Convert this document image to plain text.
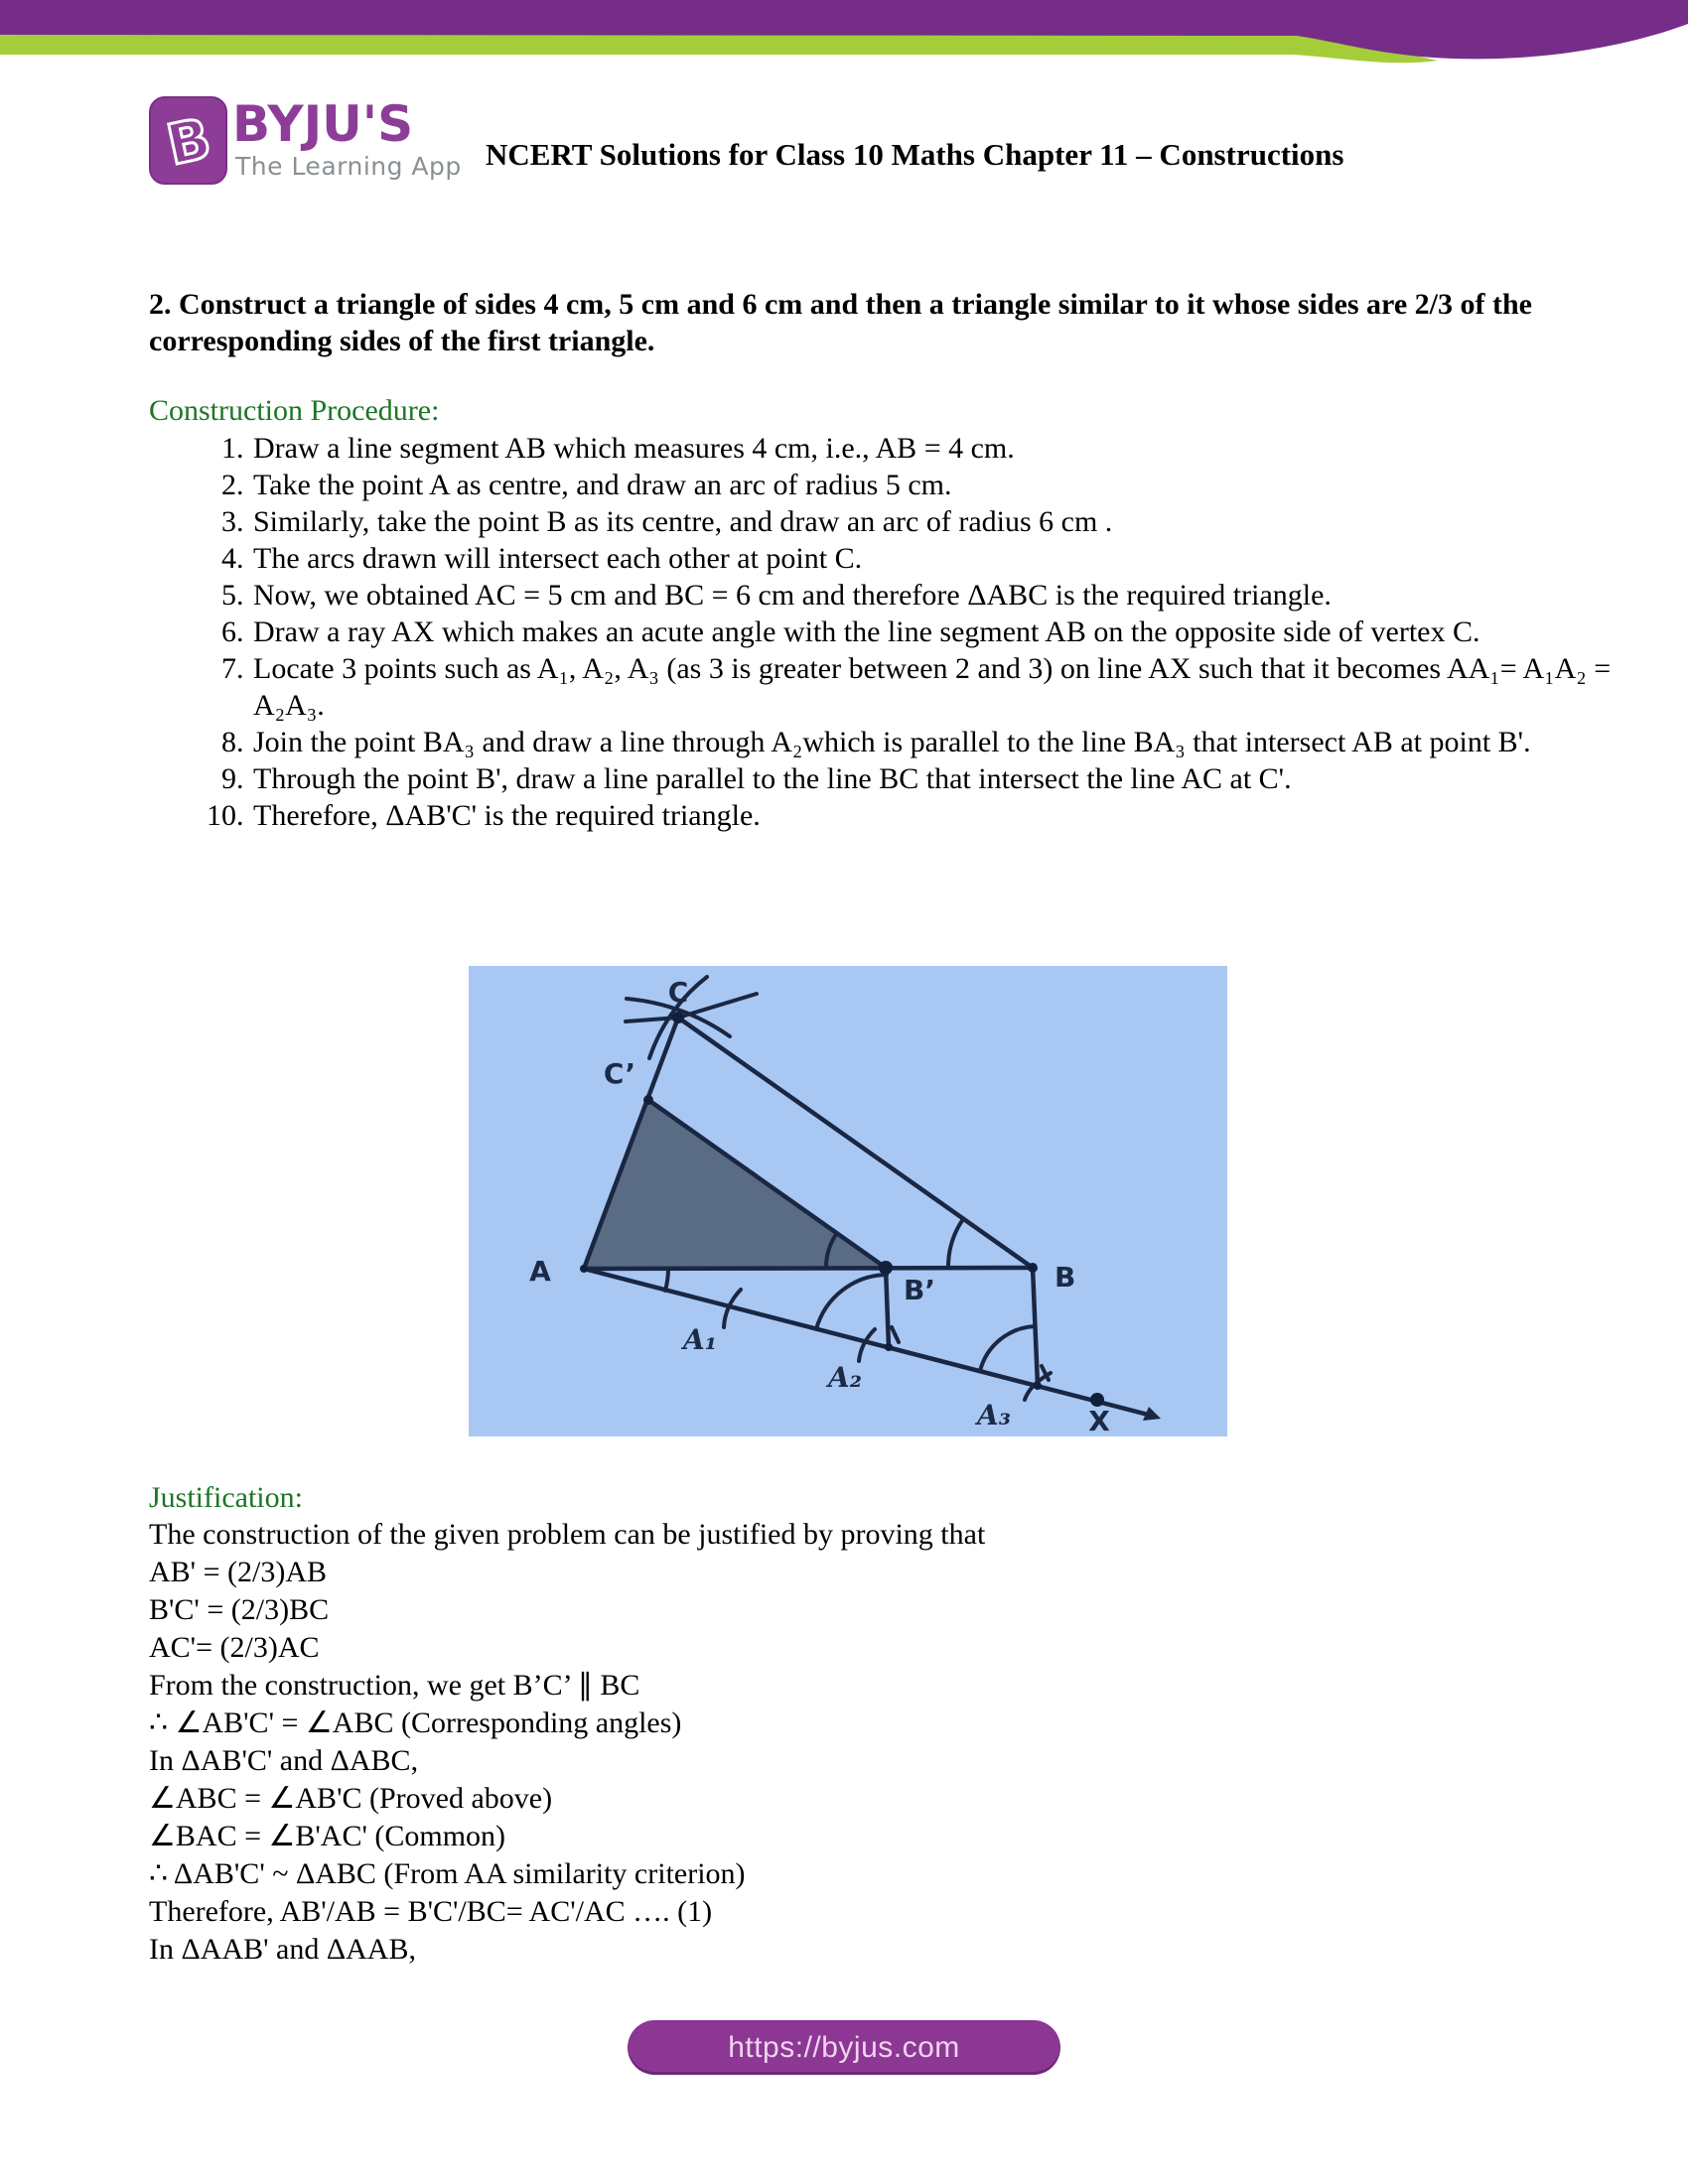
B BYJU'S
The Learning App NCERT Solutions for Class 10 Maths Chapter 11 – Constructions
2. Construct a triangle of sides 4 cm, 5 cm and 6 cm and then a triangle similar to it whose sides are 2/3 of the corresponding sides of the first triangle.
Construction Procedure:
1. Draw a line segment AB which measures 4 cm, i.e., AB = 4 cm.
2. Take the point A as centre, and draw an arc of radius 5 cm.
3. Similarly, take the point B as its centre, and draw an arc of radius 6 cm .
4. The arcs drawn will intersect each other at point C.
5. Now, we obtained AC = 5 cm and BC = 6 cm and therefore ΔABC is the required triangle.
6. Draw a ray AX which makes an acute angle with the line segment AB on the opposite side of vertex C.
7. Locate 3 points such as A₁, A₂, A₃ (as 3 is greater between 2 and 3) on line AX such that it becomes AA₁= A₁A₂ = A₂A₃.
8. Join the point BA₃ and draw a line through A₂which is parallel to the line BA₃ that intersect AB at point B'.
9. Through the point B', draw a line parallel to the line BC that intersect the line AC at C'.
10. Therefore, ΔAB'C' is the required triangle.
C
C’
A
B’	B
X
A₁
A₂
A₃
Justification:
The construction of the given problem can be justified by proving that
AB' = (2/3)AB
B'C' = (2/3)BC
AC'= (2/3)AC
From the construction, we get B’C’ ∥ BC
∴ ∠AB'C' = ∠ABC (Corresponding angles)
In ΔAB'C' and ΔABC,
∠ABC = ∠AB'C (Proved above)
∠BAC = ∠B'AC' (Common)
∴ ΔAB'C' ~ ΔABC (From AA similarity criterion)
Therefore, AB'/AB = B'C'/BC= AC'/AC …. (1)
In ΔAAB' and ΔAAB,
https://byjus.com
